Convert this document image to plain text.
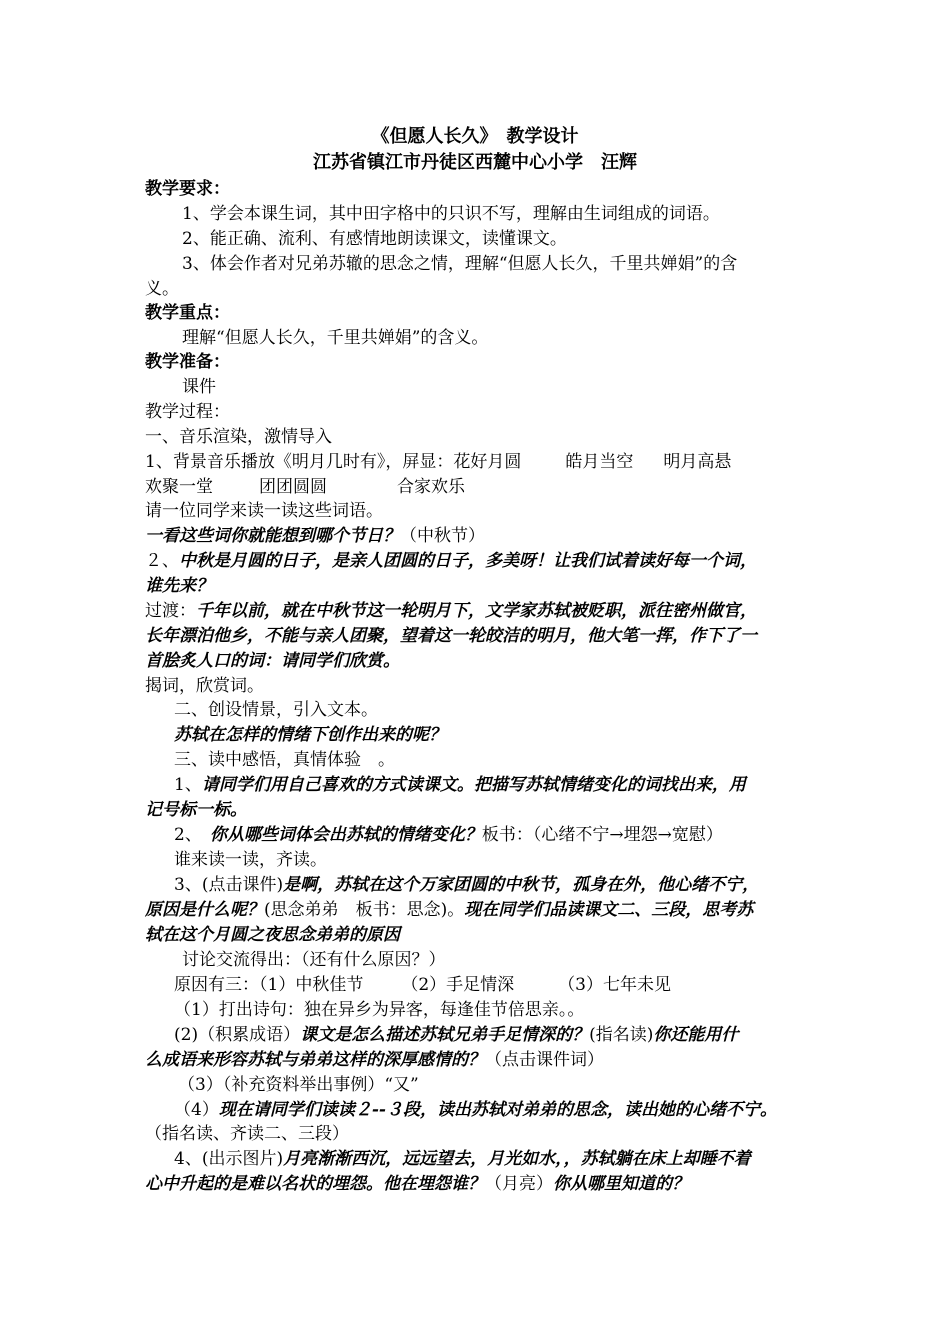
《但愿人长久》　教学设计
江苏省镇江市丹徒区西麓中心小学　汪辉
教学要求：
1、学会本课生词，其中田字格中的只识不写，理解由生词组成的词语。
2、能正确、流利、有感情地朗读课文，读懂课文。
3、体会作者对兄弟苏辙的思念之情，理解“但愿人长久，千里共婵娟”的含
义。
教学重点：
理解“但愿人长久，千里共婵娟”的含义。
教学准备：
课件
教学过程：
一、音乐渲染，激情导入
1、背景音乐播放《明月几时有》，屏显：花好月圆	皓月当空 明月高悬
欢聚一堂	团团圆圆	合家欢乐
请一位同学来读一读这些词语。
一看这些词你就能想到哪个节日？（中秋节）
２、中秋是月圆的日子，是亲人团圆的日子，多美呀！让我们试着读好每一个词，
谁先来？
过渡：千年以前，就在中秋节这一轮明月下，文学家苏轼被贬职，派往密州做官，
长年漂泊他乡，不能与亲人团聚，望着这一轮皎洁的明月，他大笔一挥，作下了一
首脍炙人口的词：请同学们欣赏。
揭词，欣赏词。
二、创设情景，引入文本。
苏轼在怎样的情绪下创作出来的呢？
三、读中感悟，真情体验　。
1、请同学们用自己喜欢的方式读课文。把描写苏轼情绪变化的词找出来，用
记号标一标。
2、 你从哪些词体会出苏轼的情绪变化？板书：（心绪不宁→埋怨→宽慰）
谁来读一读，齐读。
3、(点击课件)是啊，苏轼在这个万家团圆的中秋节，孤身在外，他心绪不宁，
原因是什么呢？(思念弟弟　板书：思念)。现在同学们品读课文二、三段，思考苏
轼在这个月圆之夜思念弟弟的原因
讨论交流得出：（还有什么原因？）
原因有三：（1）中秋佳节 （2）手足情深	（3）七年未见
（1）打出诗句：独在异乡为异客，每逢佳节倍思亲。。
(2)（积累成语）课文是怎么描述苏轼兄弟手足情深的？(指名读)你还能用什
么成语来形容苏轼与弟弟这样的深厚感情的？（点击课件词）
（3）（补充资料举出事例）“又”
（4）现在请同学们读读２--３段，读出苏轼对弟弟的思念，读出她的心绪不宁。
（指名读、齐读二、三段）
4、(出示图片)月亮渐渐西沉，远远望去，月光如水，，苏轼躺在床上却睡不着
心中升起的是难以名状的埋怨。他在埋怨谁？（月亮）你从哪里知道的？
